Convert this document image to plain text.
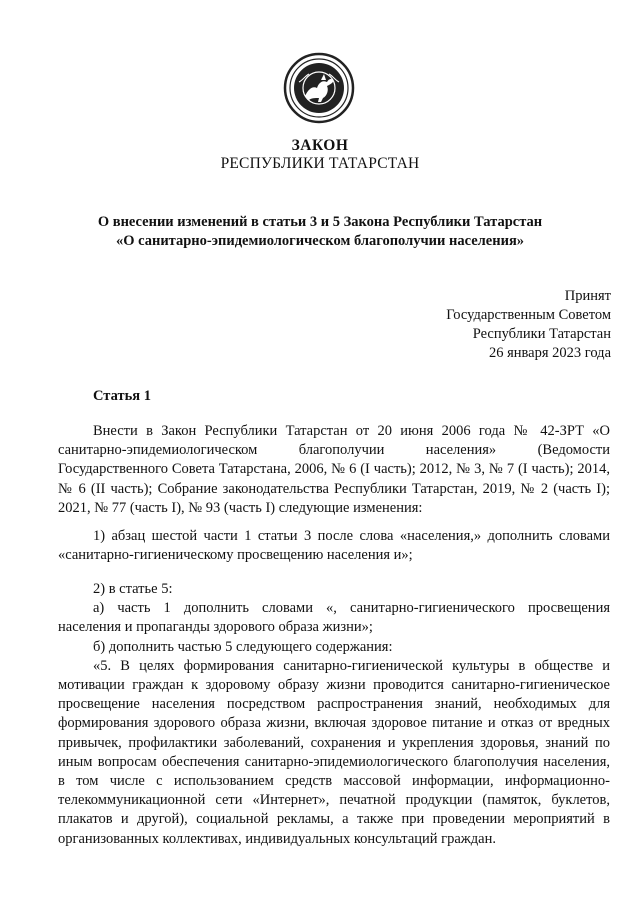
ЗАКОН
РЕСПУБЛИКИ ТАТАРСТАН
О внесении изменений в статьи 3 и 5 Закона Республики Татарстан
«О санитарно-эпидемиологическом благополучии населения»
Принят
Государственным Советом
Республики Татарстан
26 января 2023 года
Статья 1

Внести в Закон Республики Татарстан от 20 июня 2006 года № 42-ЗРТ «О санитарно-эпидемиологическом благополучии населения» (Ведомости Государственного Совета Татарстана, 2006, № 6 (I часть); 2012, № 3, № 7 (I часть); 2014, № 6 (II часть); Собрание законодательства Республики Татарстан, 2019, № 2 (часть I); 2021, № 77 (часть I), № 93 (часть I) следующие изменения:

1) абзац шестой части 1 статьи 3 после слова «населения,» дополнить словами «санитарно-гигиеническому просвещению населения и»;

2) в статье 5:

а) часть 1 дополнить словами «, санитарно-гигиенического просвещения населения и пропаганды здорового образа жизни»;

б) дополнить частью 5 следующего содержания:

«5. В целях формирования санитарно-гигиенической культуры в обществе и мотивации граждан к здоровому образу жизни проводится санитарно-гигиеническое просвещение населения посредством распространения знаний, необходимых для формирования здорового образа жизни, включая здоровое питание и отказ от вредных привычек, профилактики заболеваний, сохранения и укрепления здоровья, знаний по иным вопросам обеспечения санитарно-эпидемиологического благополучия населения, в том числе с использованием средств массовой информации, информационно-телекоммуникационной сети «Интернет», печатной продукции (памяток, буклетов, плакатов и другой), социальной рекламы, а также при проведении мероприятий в организованных коллективах, индивидуальных консультаций граждан.
